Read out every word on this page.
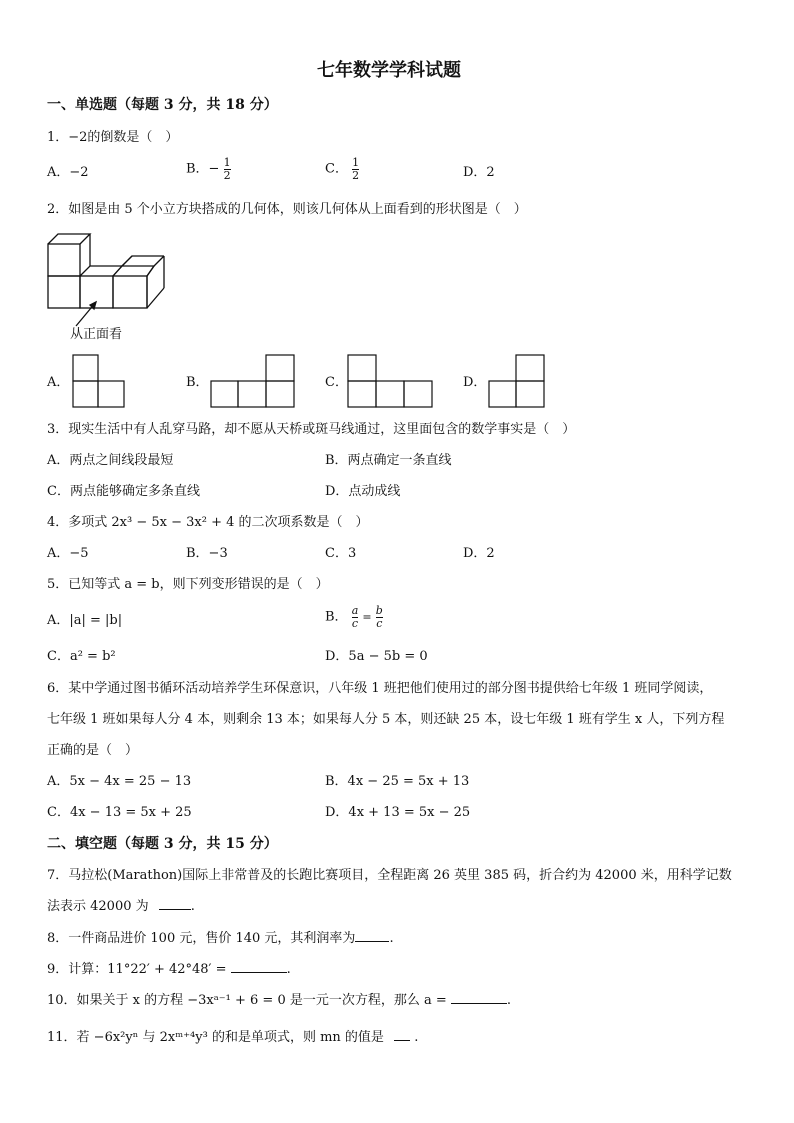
七年数学学科试题
一、单选题（每题 3 分，共 18 分）
1．−2的倒数是（　）
A．−2	B．− $\frac{1}{2}$	C． $\frac{1}{2}$	D．2
2．如图是由 5 个小立方块搭成的几何体，则该几何体从上面看到的形状图是（　）
从正面看
A．	B．	C．	D．
3．现实生活中有人乱穿马路，却不愿从天桥或斑马线通过，这里面包含的数学事实是（　）
A．两点之间线段最短	B．两点确定一条直线
C．两点能够确定多条直线	D．点动成线
4．多项式 2x³ − 5x − 3x² + 4 的二次项系数是（　）
A．−5	B．−3	C．3	D．2
5．已知等式 a = b，则下列变形错误的是（　）
A．|a| = |b|	B． $\frac{a}{c} = \frac{b}{c}$
C．a² = b²	D．5a − 5b = 0
6．某中学通过图书循环活动培养学生环保意识，八年级 1 班把他们使用过的部分图书提供给七年级 1 班同学阅读，
七年级 1 班如果每人分 4 本，则剩余 13 本；如果每人分 5 本，则还缺 25 本，设七年级 1 班有学生 x 人，下列方程
正确的是（　）
A．5x − 4x = 25 − 13	B．4x − 25 = 5x + 13
C．4x − 13 = 5x + 25	D．4x + 13 = 5x − 25
二、填空题（每题 3 分，共 15 分）
7．马拉松(Marathon)国际上非常普及的长跑比赛项目，全程距离 26 英里 385 码，折合约为 42000 米，用科学记数
法表示 42000 为	.
8．一件商品进价 100 元，售价 140 元，其利润率为	.
9．计算：11°22′ + 42°48′ =	.
10．如果关于 x 的方程 −3xᵃ⁻¹ + 6 = 0 是一元一次方程，那么 a =	.
11．若 −6x²yⁿ 与 2xᵐ⁺⁴y³ 的和是单项式，则 mn 的值是 .
